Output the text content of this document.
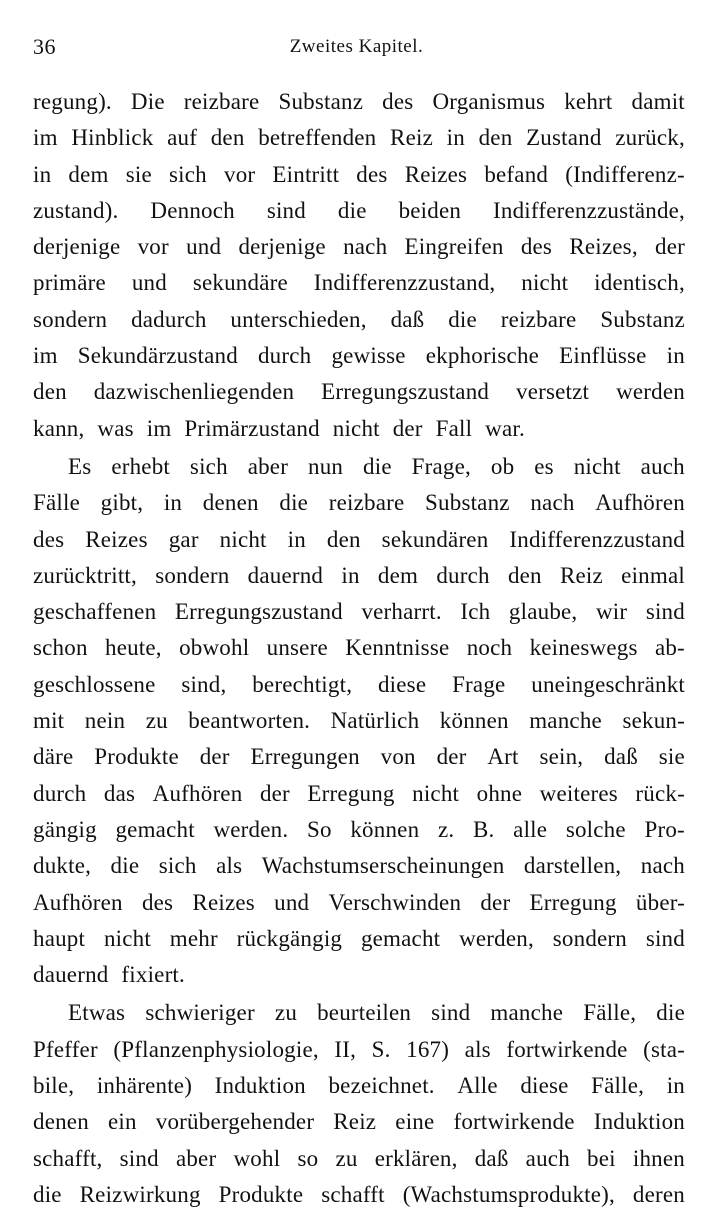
36	Zweites Kapitel.
regung). Die reizbare Substanz des Organismus kehrt damit
im Hinblick auf den betreffenden Reiz in den Zustand zurück,
in dem sie sich vor Eintritt des Reizes befand (Indifferenz-
zustand). Dennoch sind die beiden Indifferenzzustände,
derjenige vor und derjenige nach Eingreifen des Reizes, der
primäre und sekundäre Indifferenzzustand, nicht identisch,
sondern dadurch unterschieden, daß die reizbare Substanz
im Sekundärzustand durch gewisse ekphorische Einflüsse in
den dazwischenliegenden Erregungszustand versetzt werden
kann, was im Primärzustand nicht der Fall war.
Es erhebt sich aber nun die Frage, ob es nicht auch
Fälle gibt, in denen die reizbare Substanz nach Aufhören
des Reizes gar nicht in den sekundären Indifferenzzustand
zurücktritt, sondern dauernd in dem durch den Reiz einmal
geschaffenen Erregungszustand verharrt. Ich glaube, wir sind
schon heute, obwohl unsere Kenntnisse noch keineswegs ab-
geschlossene sind, berechtigt, diese Frage uneingeschränkt
mit nein zu beantworten. Natürlich können manche sekun-
däre Produkte der Erregungen von der Art sein, daß sie
durch das Aufhören der Erregung nicht ohne weiteres rück-
gängig gemacht werden. So können z. B. alle solche Pro-
dukte, die sich als Wachstumserscheinungen darstellen, nach
Aufhören des Reizes und Verschwinden der Erregung über-
haupt nicht mehr rückgängig gemacht werden, sondern sind
dauernd fixiert.
Etwas schwieriger zu beurteilen sind manche Fälle, die
Pfeffer (Pflanzenphysiologie, II, S. 167) als fortwirkende (sta-
bile, inhärente) Induktion bezeichnet. Alle diese Fälle, in
denen ein vorübergehender Reiz eine fortwirkende Induktion
schafft, sind aber wohl so zu erklären, daß auch bei ihnen
die Reizwirkung Produkte schafft (Wachstumsprodukte), deren
